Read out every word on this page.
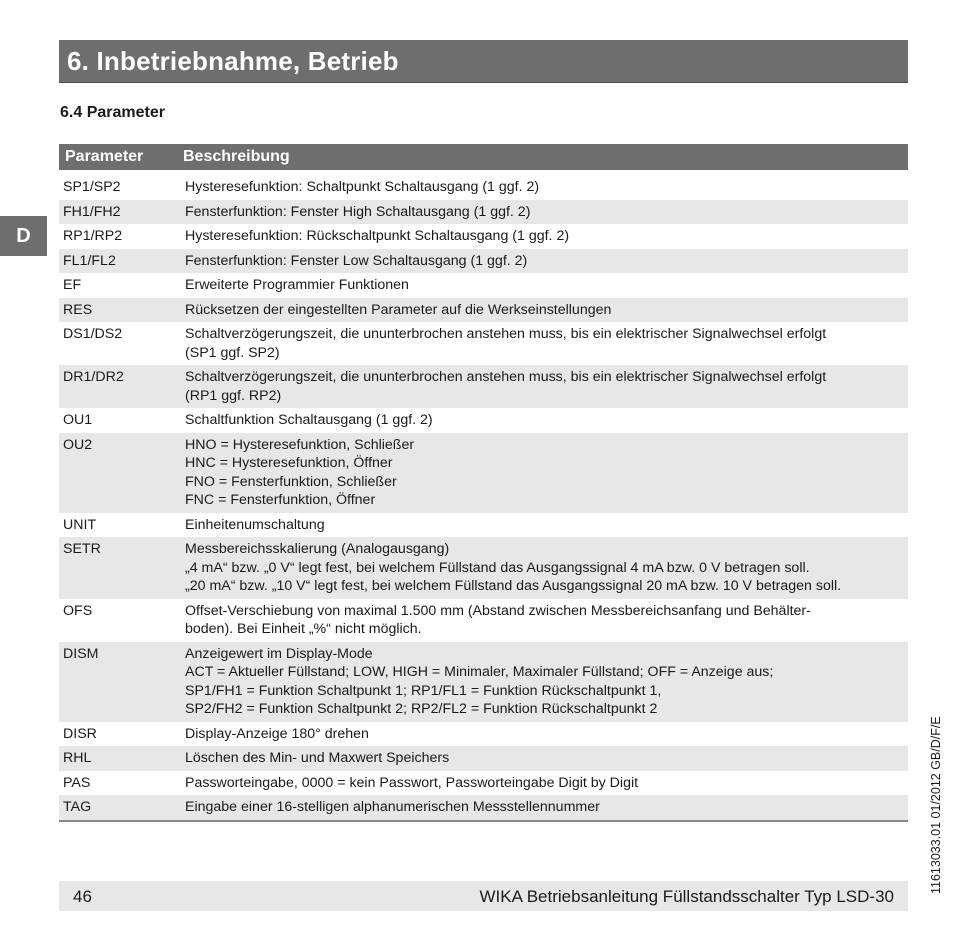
6. Inbetriebnahme, Betrieb
6.4 Parameter
D
Parameter	Beschreibung

SP1/SP2	Hysteresefunktion: Schaltpunkt Schaltausgang (1 ggf. 2)

FH1/FH2	Fensterfunktion: Fenster High Schaltausgang (1 ggf. 2)

RP1/RP2	Hysteresefunktion: Rückschaltpunkt Schaltausgang (1 ggf. 2)

FL1/FL2	Fensterfunktion: Fenster Low Schaltausgang (1 ggf. 2)

EF	Erweiterte Programmier Funktionen

RES	Rücksetzen der eingestellten Parameter auf die Werkseinstellungen

DS1/DS2	Schaltverzögerungszeit, die ununterbrochen anstehen muss, bis ein elektrischer Signalwechsel erfolgt
(SP1 ggf. SP2)

DR1/DR2	Schaltverzögerungszeit, die ununterbrochen anstehen muss, bis ein elektrischer Signalwechsel erfolgt
(RP1 ggf. RP2)

OU1	Schaltfunktion Schaltausgang (1 ggf. 2)

OU2	HNO = Hysteresefunktion, Schließer
HNC = Hysteresefunktion, Öffner
FNO = Fensterfunktion, Schließer
FNC = Fensterfunktion, Öffner

UNIT	Einheitenumschaltung

SETR	Messbereichsskalierung (Analogausgang)
„4 mA“ bzw. „0 V“ legt fest, bei welchem Füllstand das Ausgangssignal 4 mA bzw. 0 V betragen soll.
„20 mA“ bzw. „10 V“ legt fest, bei welchem Füllstand das Ausgangssignal 20 mA bzw. 10 V betragen soll.

OFS	Offset-Verschiebung von maximal 1.500 mm (Abstand zwischen Messbereichsanfang und Behälter-
boden). Bei Einheit „%“ nicht möglich.

DISM	Anzeigewert im Display-Mode
ACT = Aktueller Füllstand; LOW, HIGH = Minimaler, Maximaler Füllstand; OFF = Anzeige aus;
SP1/FH1 = Funktion Schaltpunkt 1; RP1/FL1 = Funktion Rückschaltpunkt 1,
SP2/FH2 = Funktion Schaltpunkt 2; RP2/FL2 = Funktion Rückschaltpunkt 2

DISR	Display-Anzeige 180° drehen

RHL	Löschen des Min- und Maxwert Speichers

PAS	Passworteingabe, 0000 = kein Passwort, Passworteingabe Digit by Digit

TAG	Eingabe einer 16-stelligen alphanumerischen Messstellennummer
46	WIKA Betriebsanleitung Füllstandsschalter Typ LSD-30
11613033.01 01/2012 GB/D/F/E
